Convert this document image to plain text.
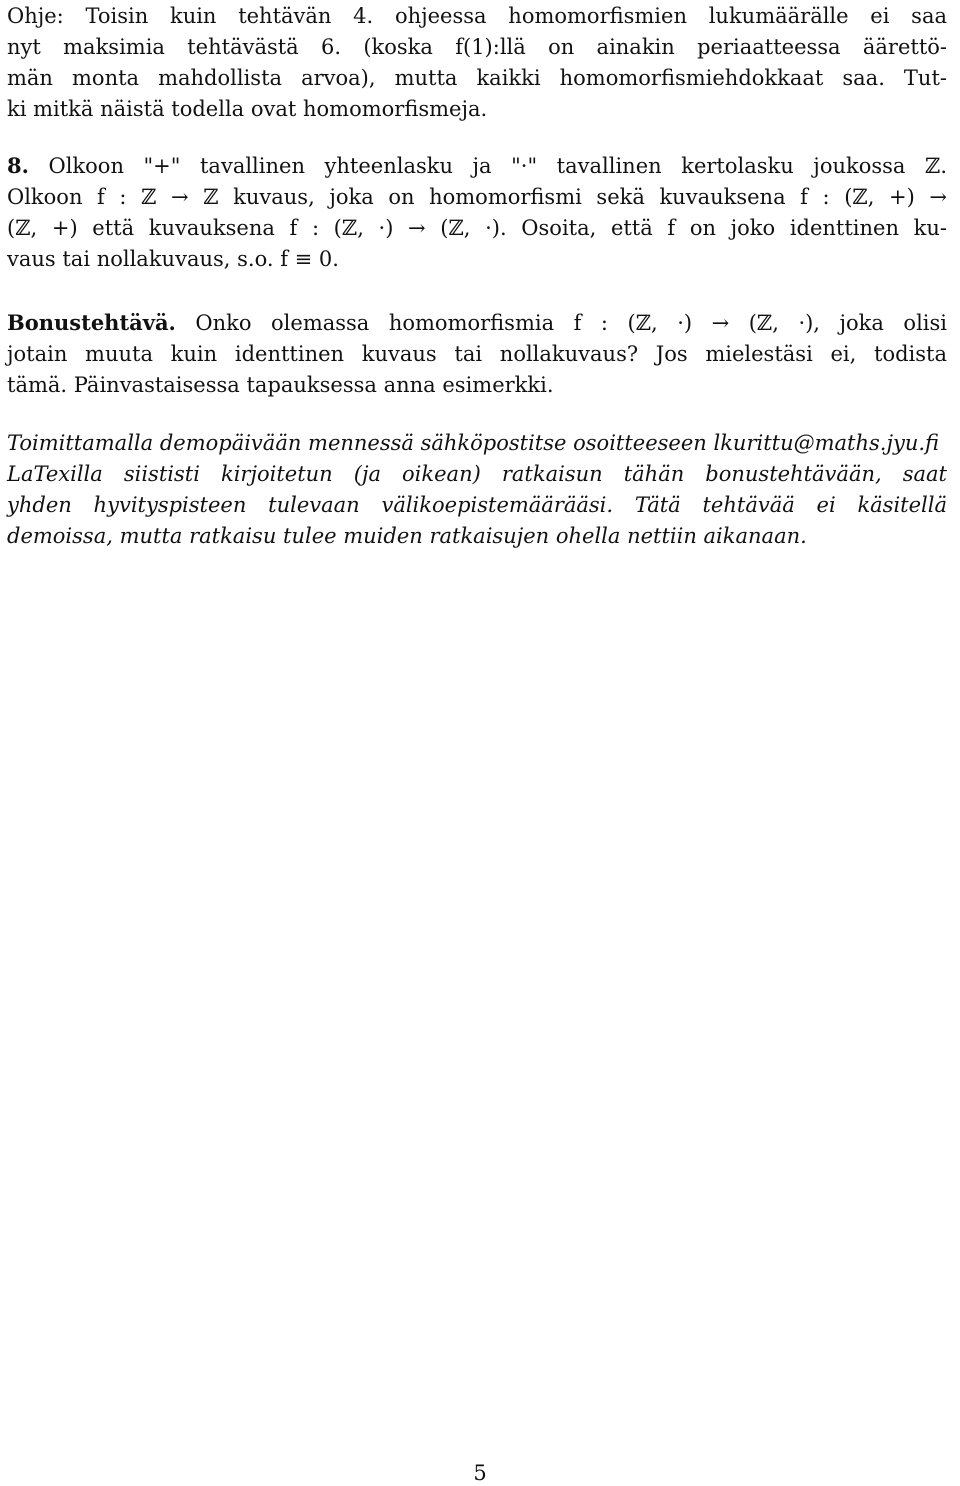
Ohje: Toisin kuin tehtävän 4. ohjeessa homomorfismien lukumäärälle ei saa
nyt maksimia tehtävästä 6. (koska f(1):llä on ainakin periaatteessa äärettö-
män monta mahdollista arvoa), mutta kaikki homomorfismiehdokkaat saa. Tut-
ki mitkä näistä todella ovat homomorfismeja.
8. Olkoon "+" tavallinen yhteenlasku ja "·" tavallinen kertolasku joukossa ℤ.
Olkoon f : ℤ → ℤ kuvaus, joka on homomorfismi sekä kuvauksena f : (ℤ, +) →
(ℤ, +) että kuvauksena f : (ℤ, ·) → (ℤ, ·). Osoita, että f on joko identtinen ku-
vaus tai nollakuvaus, s.o. f ≡ 0.
Bonustehtävä. Onko olemassa homomorfismia f : (ℤ, ·) → (ℤ, ·), joka olisi
jotain muuta kuin identtinen kuvaus tai nollakuvaus? Jos mielestäsi ei, todista
tämä. Päinvastaisessa tapauksessa anna esimerkki.
Toimittamalla demopäivään mennessä sähköpostitse osoitteeseen lkurittu@maths.jyu.fi
LaTexilla siististi kirjoitetun (ja oikean) ratkaisun tähän bonustehtävään, saat
yhden hyvityspisteen tulevaan välikoepistemäärääsi. Tätä tehtävää ei käsitellä
demoissa, mutta ratkaisu tulee muiden ratkaisujen ohella nettiin aikanaan.
5
